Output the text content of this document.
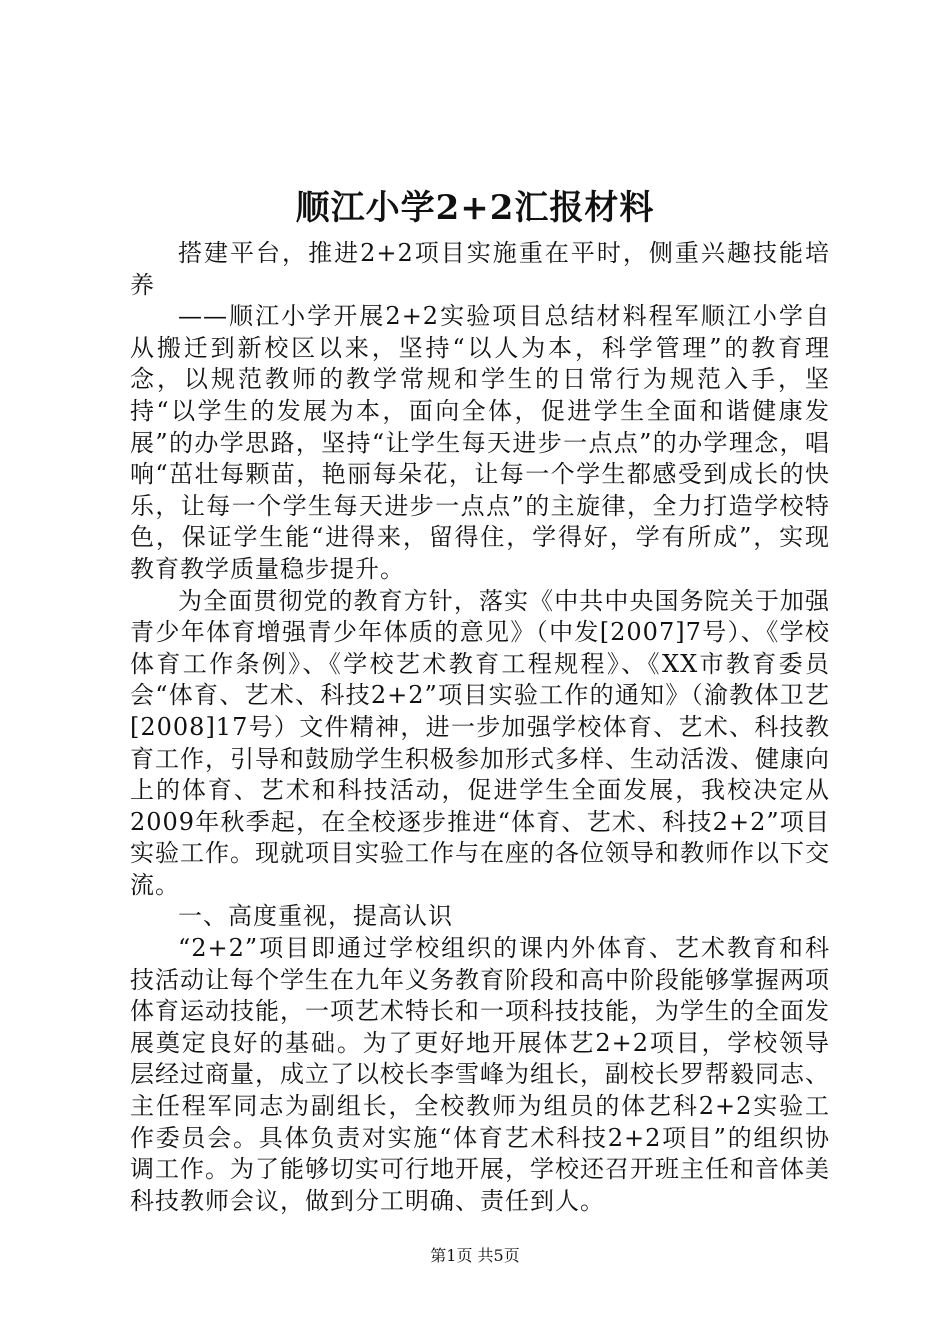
顺江小学2+2汇报材料

搭建平台，推进2+2项目实施重在平时，侧重兴趣技能培养

——顺江小学开展2+2实验项目总结材料程军顺江小学自从搬迁到新校区以来，坚持“以人为本，科学管理”的教育理念，以规范教师的教学常规和学生的日常行为规范入手，坚持“以学生的发展为本，面向全体，促进学生全面和谐健康发展”的办学思路，坚持“让学生每天进步一点点”的办学理念，唱响“茁壮每颗苗，艳丽每朵花，让每一个学生都感受到成长的快乐，让每一个学生每天进步一点点”的主旋律，全力打造学校特色，保证学生能“进得来，留得住，学得好，学有所成”，实现教育教学质量稳步提升。

为全面贯彻党的教育方针，落实《中共中央国务院关于加强青少年体育增强青少年体质的意见》（中发[2007]7号）、《学校体育工作条例》、《学校艺术教育工程规程》、《XX市教育委员会“体育、艺术、科技2+2”项目实验工作的通知》（渝教体卫艺[2008]17号）文件精神，进一步加强学校体育、艺术、科技教育工作，引导和鼓励学生积极参加形式多样、生动活泼、健康向上的体育、艺术和科技活动，促进学生全面发展，我校决定从2009年秋季起，在全校逐步推进“体育、艺术、科技2+2”项目实验工作。现就项目实验工作与在座的各位领导和教师作以下交流。

一、高度重视，提高认识

“2+2”项目即通过学校组织的课内外体育、艺术教育和科技活动让每个学生在九年义务教育阶段和高中阶段能够掌握两项体育运动技能，一项艺术特长和一项科技技能，为学生的全面发展奠定良好的基础。为了更好地开展体艺2+2项目，学校领导层经过商量，成立了以校长李雪峰为组长，副校长罗帮毅同志、主任程军同志为副组长，全校教师为组员的体艺科2+2实验工作委员会。具体负责对实施“体育艺术科技2+2项目”的组织协调工作。为了能够切实可行地开展，学校还召开班主任和音体美科技教师会议，做到分工明确、责任到人。

第1页 共5页
